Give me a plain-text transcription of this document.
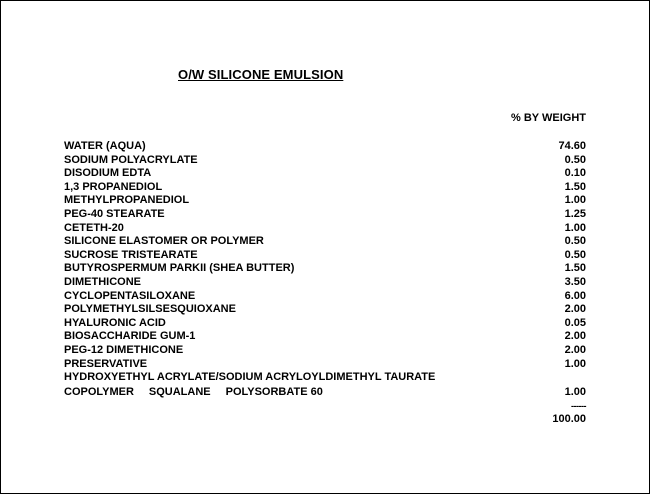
O/W SILICONE EMULSION
% BY WEIGHT
WATER (AQUA)	74.60
SODIUM POLYACRYLATE	0.50
DISODIUM EDTA	0.10
1,3 PROPANEDIOL	1.50
METHYLPROPANEDIOL	1.00
PEG-40 STEARATE	1.25
CETETH-20	1.00
SILICONE ELASTOMER OR POLYMER	0.50
SUCROSE TRISTEARATE	0.50
BUTYROSPERMUM PARKII (SHEA BUTTER)	1.50
DIMETHICONE	3.50
CYCLOPENTASILOXANE	6.00
POLYMETHYLSILSESQUIOXANE	2.00
HYALURONIC ACID	0.05
BIOSACCHARIDE GUM-1	2.00
PEG-12 DIMETHICONE	2.00
PRESERVATIVE	1.00
HYDROXYETHYL ACRYLATE/SODIUM ACRYLOYLDIMETHYL TAURATE
COPOLYMER SQUALANE POLYSORBATE 60	1.00
------
100.00
